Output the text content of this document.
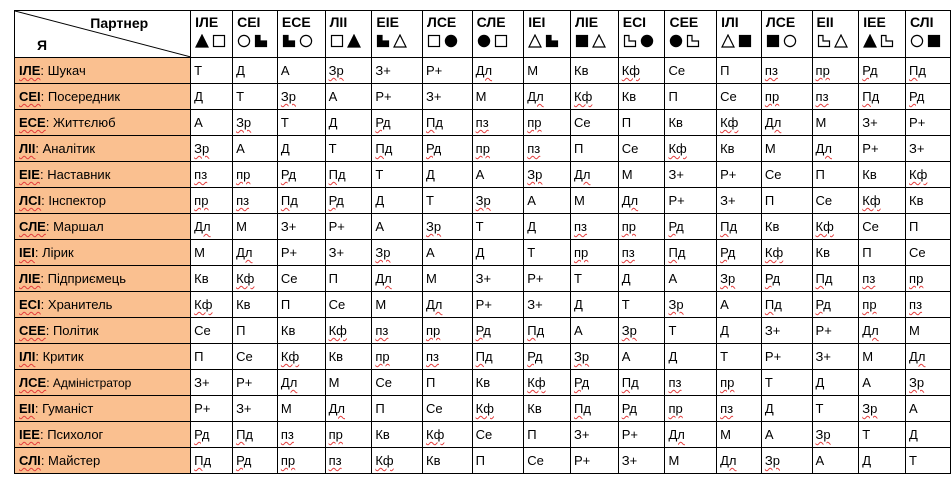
Партнер
Я	ІЛЕ	СЕІ	ЕСЕ	ЛІІ	ЕІЕ	ЛСЕ	СЛЕ	ІЕІ	ЛІЕ	ЕСІ	СЕЕ	ІЛІ	ЛСЕ	ЕІІ	ІЕЕ	СЛІ

ІЛЕ: Шукач	Т	Д	А	Зр	З+	Р+	Дл	М	Кв	Кф	Се	П	пз	пр	Рд	Пд
СЕІ: Посередник	Д	Т	Зр	А	Р+	З+	М	Дл	Кф	Кв	П	Се	пр	пз	Пд	Рд
ЕСЕ: Життєлюб	А	Зр	Т	Д	Рд	Пд	пз	пр	Се	П	Кв	Кф	Дл	М	З+	Р+
ЛІІ: Аналітик	Зр	А	Д	Т	Пд	Рд	пр	пз	П	Се	Кф	Кв	М	Дл	Р+	З+
ЕІЕ: Наставник	пз	пр	Рд	Пд	Т	Д	А	Зр	Дл	М	З+	Р+	Се	П	Кв	Кф
ЛСІ: Інспектор	пр	пз	Пд	Рд	Д	Т	Зр	А	М	Дл	Р+	З+	П	Се	Кф	Кв
СЛЕ: Маршал	Дл	М	З+	Р+	А	Зр	Т	Д	пз	пр	Рд	Пд	Кв	Кф	Се	П
ІЕІ: Лірик	М	Дл	Р+	З+	Зр	А	Д	Т	пр	пз	Пд	Рд	Кф	Кв	П	Се
ЛІЕ: Підприємець	Кв	Кф	Се	П	Дл	М	З+	Р+	Т	Д	А	Зр	Рд	Пд	пз	пр
ЕСІ: Хранитель	Кф	Кв	П	Се	М	Дл	Р+	З+	Д	Т	Зр	А	Пд	Рд	пр	пз
СЕЕ: Політик	Се	П	Кв	Кф	пз	пр	Рд	Пд	А	Зр	Т	Д	З+	Р+	Дл	М
ІЛІ: Критик	П	Се	Кф	Кв	пр	пз	Пд	Рд	Зр	А	Д	Т	Р+	З+	М	Дл
ЛСЕ: Адміністратор	З+	Р+	Дл	М	Се	П	Кв	Кф	Рд	Пд	пз	пр	Т	Д	А	Зр
ЕІІ: Гуманіст	Р+	З+	М	Дл	П	Се	Кф	Кв	Пд	Рд	пр	пз	Д	Т	Зр	А
ІЕЕ: Психолог	Рд	Пд	пз	пр	Кв	Кф	Се	П	З+	Р+	Дл	М	А	Зр	Т	Д
СЛІ: Майстер	Пд	Рд	пр	пз	Кф	Кв	П	Се	Р+	З+	М	Дл	Зр	А	Д	Т
